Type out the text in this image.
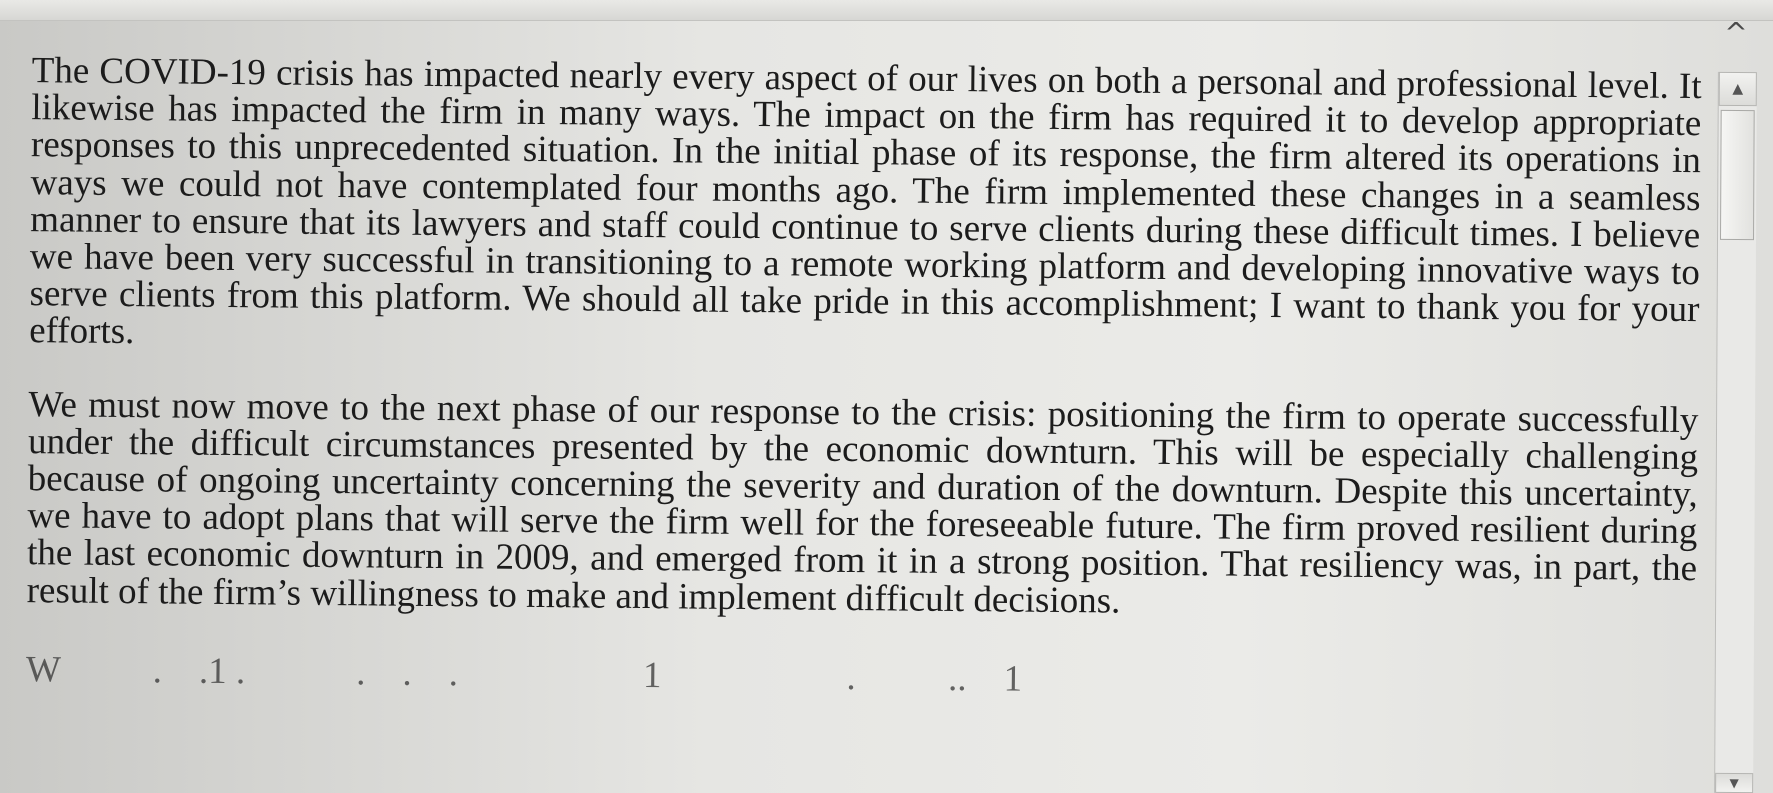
^

The COVID-19 crisis has impacted nearly every aspect of our lives on both a personal and professional level. It likewise has impacted the firm in many ways. The impact on the firm has required it to develop appropriate responses to this unprecedented situation. In the initial phase of its response, the firm altered its operations in ways we could not have contemplated four months ago. The firm implemented these changes in a seamless manner to ensure that its lawyers and staff could continue to serve clients during these difficult times. I believe we have been very successful in transitioning to a remote working platform and developing innovative ways to serve clients from this platform. We should all take pride in this accomplishment; I want to thank you for your efforts.

We must now move to the next phase of our response to the crisis: positioning the firm to operate successfully under the difficult circumstances presented by the economic downturn. This will be especially challenging because of ongoing uncertainty concerning the severity and duration of the downturn. Despite this uncertainty, we have to adopt plans that will serve the firm well for the foreseeable future. The firm proved resilient during the last economic downturn in 2009, and emerged from it in a strong position. That resiliency was, in part, the result of the firm’s willingness to make and implement difficult decisions.

W          .    .1 .            .    .    .                    1                    .          ..    1
▲
▼
